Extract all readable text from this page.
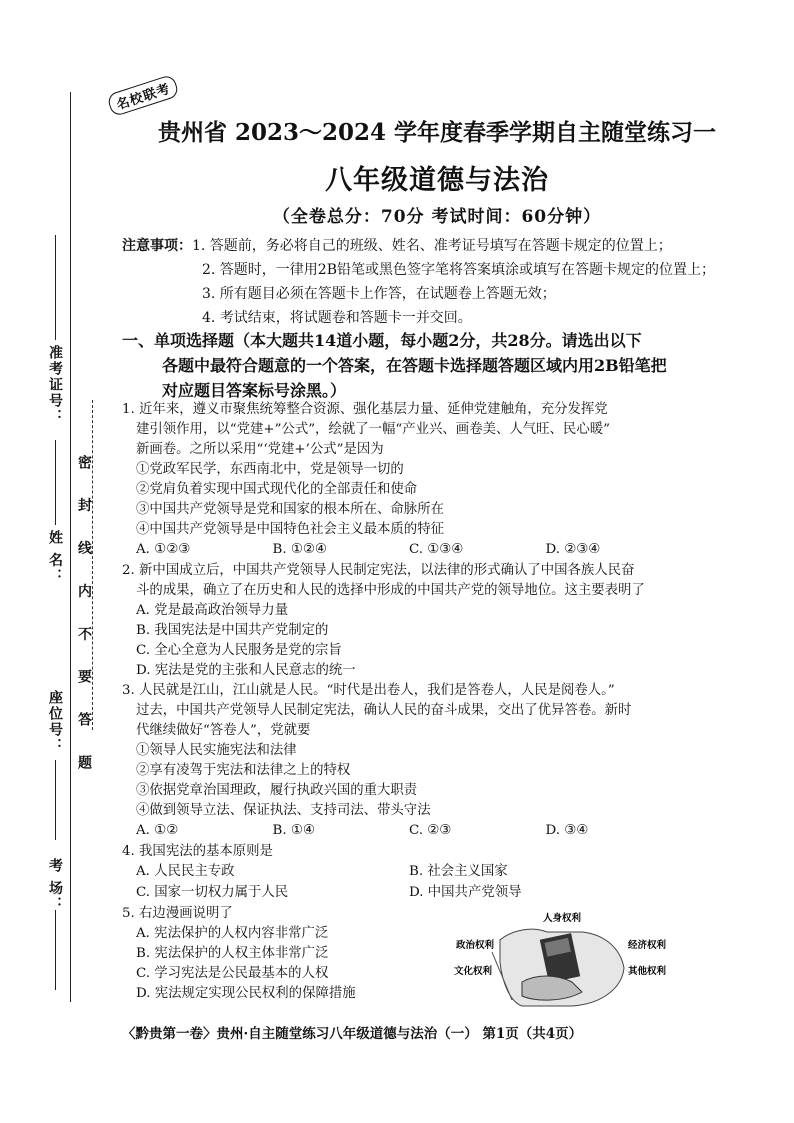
准考证号：
姓 名：
座位号：
考 场：
密 封 线 内 不 要 答 题
名校联考
贵州省 2023～2024 学年度春季学期自主随堂练习一
八年级道德与法治
（全卷总分：70分 考试时间：60分钟）
注意事项：1. 答题前，务必将自己的班级、姓名、准考证号填写在答题卡规定的位置上；
2. 答题时，一律用2B铅笔或黑色签字笔将答案填涂或填写在答题卡规定的位置上；
3. 所有题目必须在答题卡上作答，在试题卷上答题无效；
4. 考试结束，将试题卷和答题卡一并交回。
一、单项选择题（本大题共14道小题，每小题2分，共28分。请选出以下
各题中最符合题意的一个答案，在答题卡选择题答题区域内用2B铅笔把
对应题目答案标号涂黑。）
1. 近年来，遵义市聚焦统筹整合资源、强化基层力量、延伸党建触角，充分发挥党
建引领作用，以“党建+”公式”，绘就了一幅“产业兴、画卷美、人气旺、民心暖”
新画卷。之所以采用“‘党建+’公式”是因为
①党政军民学，东西南北中，党是领导一切的
②党肩负着实现中国式现代化的全部责任和使命
③中国共产党领导是党和国家的根本所在、命脉所在
④中国共产党领导是中国特色社会主义最本质的特征
A. ①②③	B. ①②④	C. ①③④	D. ②③④
2. 新中国成立后，中国共产党领导人民制定宪法，以法律的形式确认了中国各族人民奋
斗的成果，确立了在历史和人民的选择中形成的中国共产党的领导地位。这主要表明了
A. 党是最高政治领导力量
B. 我国宪法是中国共产党制定的
C. 全心全意为人民服务是党的宗旨
D. 宪法是党的主张和人民意志的统一
3. 人民就是江山，江山就是人民。“时代是出卷人，我们是答卷人，人民是阅卷人。”
过去，中国共产党领导人民制定宪法，确认人民的奋斗成果，交出了优异答卷。新时
代继续做好“答卷人”，党就要
①领导人民实施宪法和法律
②享有凌驾于宪法和法律之上的特权
③依据党章治国理政，履行执政兴国的重大职责
④做到领导立法、保证执法、支持司法、带头守法
A. ①②	B. ①④	C. ②③	D. ③④
4. 我国宪法的基本原则是
A. 人民民主专政	B. 社会主义国家
C. 国家一切权力属于人民	D. 中国共产党领导
5. 右边漫画说明了
A. 宪法保护的人权内容非常广泛
B. 宪法保护的人权主体非常广泛
C. 学习宪法是公民最基本的人权
D. 宪法规定实现公民权利的保障措施
人身权利
政治权利
文化权利
经济权利
其他权利
〈黔贵第一卷〉贵州·自主随堂练习八年级道德与法治（一） 第1页（共4页）
